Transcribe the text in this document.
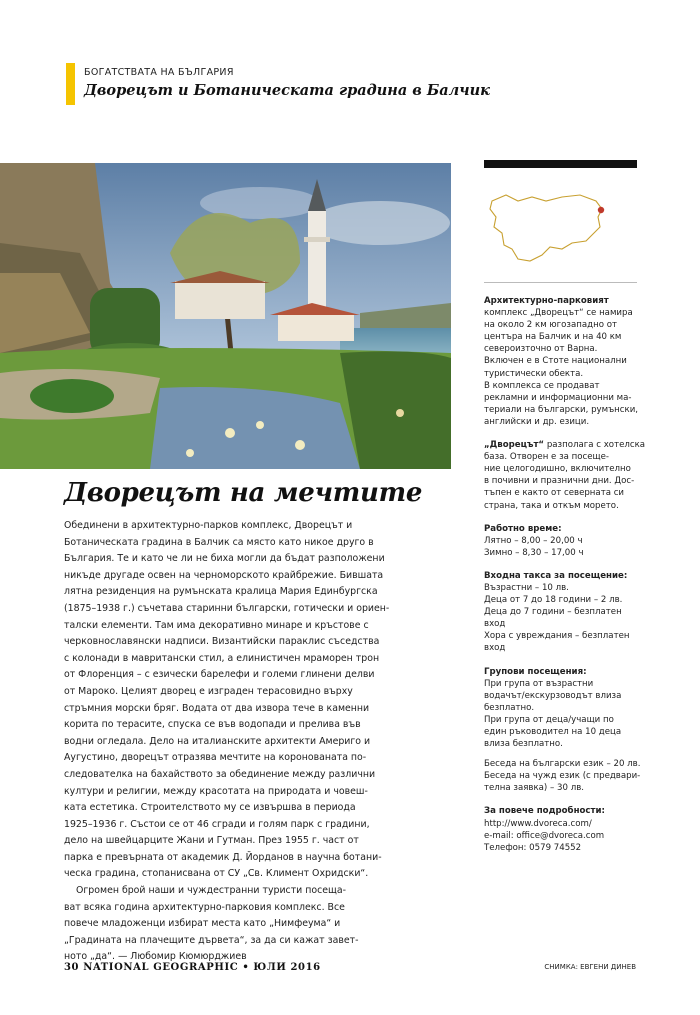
БОГАТСТВАТА НА БЪЛГАРИЯ
Дворецът и Ботаническата градина в Балчик
Архитектурно-парковият
комплекс „Дворецът“ се намира
на около 2 км югозападно от
центъра на Балчик и на 40 км
североизточно от Варна.
Включен е в Стоте национални
туристически обекта.
В комплекса се продават
рекламни и информационни ма-
териали на български, румънски,
английски и др. езици.
„Дворецът“ разполага с хотелска
база. Отворен е за посеще-
ние целогодишно, включително
в почивни и празнични дни. Дос-
тъпен е както от северната си
страна, така и откъм морето.
Работно време:
Лятно – 8,00 – 20,00 ч
Зимно – 8,30 – 17,00 ч
Входна такса за посещение:
Възрастни – 10 лв.
Деца от 7 до 18 години – 2 лв.
Деца до 7 години – безплатен
вход
Хора с увреждания – безплатен
вход
Групови посещения:
При група от възрастни
водачът/екскурзоводът влиза
безплатно.
При група от деца/учащи по
един ръководител на 10 деца
влиза безплатно.
Беседа на български език – 20 лв.
Беседа на чужд език (с предвари-
телна заявка) – 30 лв.
За повече подробности:
http://www.dvoreca.com/
e-mail: office@dvoreca.com
Телефон: 0579 74552
Дворецът на мечтите
Обединени в архитектурно-парков комплекс, Дворецът и
Ботаническата градина в Балчик са място като никое друго в
България. Те и като че ли не биха могли да бъдат разположени
никъде другаде освен на черноморското крайбрежие. Бившата
лятна резиденция на румънската кралица Мария Единбургска
(1875–1938 г.) съчетава старинни български, готически и ориен-
талски елементи. Там има декоративно минаре и кръстове с
черковнославянски надписи. Византийски параклис съседства
с колонади в мавритански стил, а елинистичен мраморен трон
от Флоренция – с езически барелефи и големи глинени делви
от Мароко. Целият дворец е изграден терасовидно върху
стръмния морски бряг. Водата от два извора тече в каменни
корита по терасите, спуска се във водопади и прелива във
водни огледала. Дело на италианските архитекти Америго и
Аугустино, дворецът отразява мечтите на коронованата по-
следователка на бахайството за обединение между различни
култури и религии, между красотата на природата и човеш-
ката естетика. Строителството му се извършва в периода
1925–1936 г. Състои се от 46 сгради и голям парк с градини,
дело на швейцарците Жани и Гутман. През 1955 г. част от
парка е превърната от академик Д. Йорданов в научна ботани-
ческа градина, стопанисвана от СУ „Св. Климент Охридски“.
Огромен брой наши и чуждестранни туристи посеща-
ват всяка година архитектурно-парковия комплекс. Все
повече младоженци избират места като „Нимфеума“ и
„Градината на плачещите дървета“, за да си кажат завет-
ното „да“. — Любомир Кюмюрджиев
30 NATIONAL GEOGRAPHIC • ЮЛИ 2016	СНИМКА: ЕВГЕНИ ДИНЕВ
